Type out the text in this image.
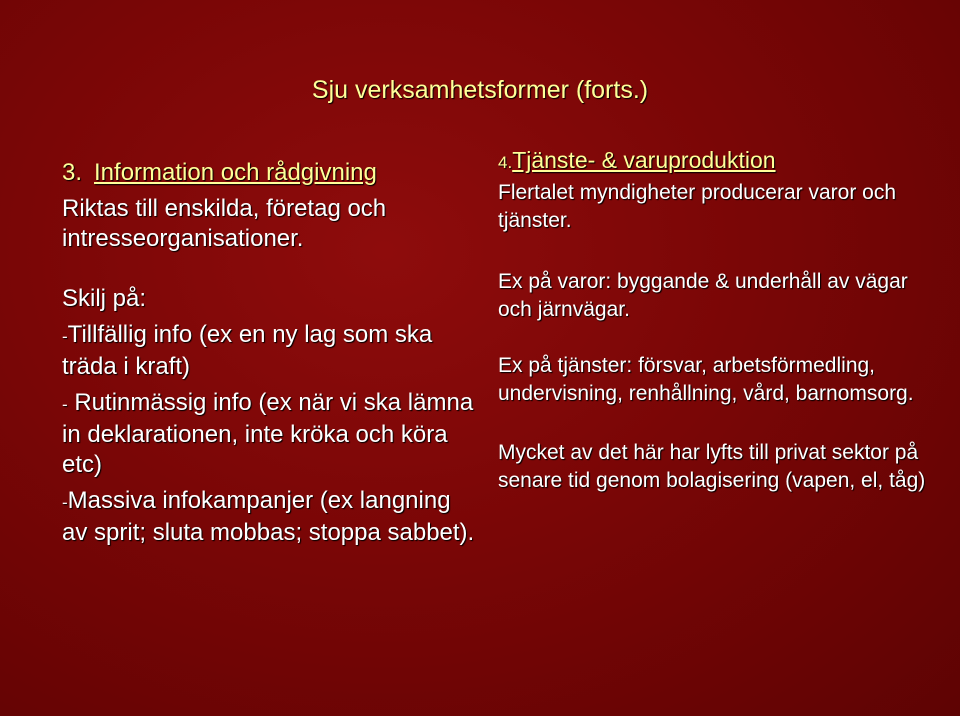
Sju verksamhetsformer (forts.)

3. Information och rådgivning

Riktas till enskilda, företag och intresseorganisationer.

Skilj på:

-Tillfällig info (ex en ny lag som ska träda i kraft)

- Rutinmässig info (ex när vi ska lämna in deklarationen, inte kröka och köra etc)

-Massiva infokampanjer (ex langning av sprit; sluta mobbas; stoppa sabbet).

4.Tjänste- & varuproduktion

Flertalet myndigheter producerar varor och tjänster.

Ex på varor: byggande & underhåll av vägar och järnvägar.

Ex på tjänster: försvar, arbetsförmedling, undervisning, renhållning, vård, barnomsorg.

Mycket av det här har lyfts till privat sektor på senare tid genom bolagisering (vapen, el, tåg)
